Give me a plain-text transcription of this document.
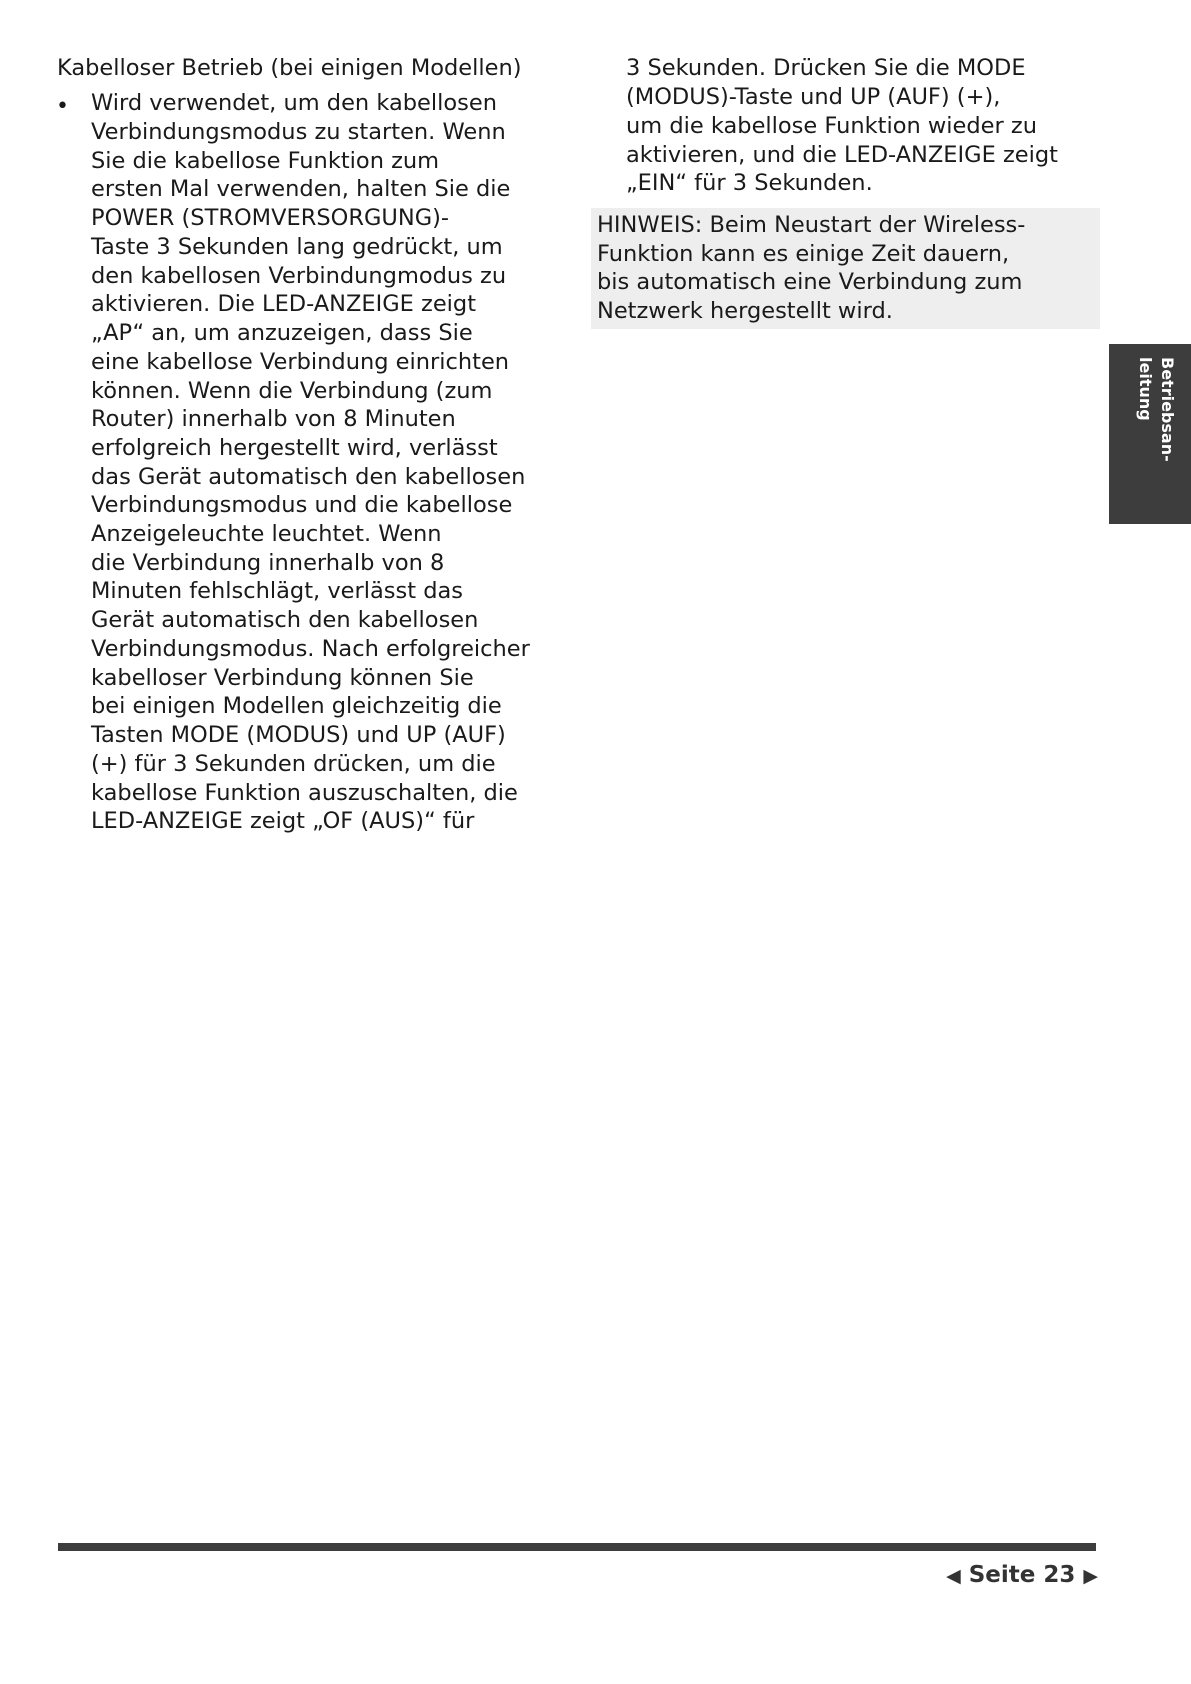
Kabelloser Betrieb (bei einigen Modellen)
• Wird verwendet, um den kabellosen
Verbindungsmodus zu starten. Wenn
Sie die kabellose Funktion zum
ersten Mal verwenden, halten Sie die
POWER (STROMVERSORGUNG)-
Taste 3 Sekunden lang gedrückt, um
den kabellosen Verbindungmodus zu
aktivieren. Die LED-ANZEIGE zeigt
„AP“ an, um anzuzeigen, dass Sie
eine kabellose Verbindung einrichten
können. Wenn die Verbindung (zum
Router) innerhalb von 8 Minuten
erfolgreich hergestellt wird, verlässt
das Gerät automatisch den kabellosen
Verbindungsmodus und die kabellose
Anzeigeleuchte leuchtet. Wenn
die Verbindung innerhalb von 8
Minuten fehlschlägt, verlässt das
Gerät automatisch den kabellosen
Verbindungsmodus. Nach erfolgreicher
kabelloser Verbindung können Sie
bei einigen Modellen gleichzeitig die
Tasten MODE (MODUS) und UP (AUF)
(+) für 3 Sekunden drücken, um die
kabellose Funktion auszuschalten, die
LED-ANZEIGE zeigt „OF (AUS)“ für
3 Sekunden. Drücken Sie die MODE
(MODUS)-Taste und UP (AUF) (+),
um die kabellose Funktion wieder zu
aktivieren, und die LED-ANZEIGE zeigt
„EIN“ für 3 Sekunden.
HINWEIS: Beim Neustart der Wireless-
Funktion kann es einige Zeit dauern,
bis automatisch eine Verbindung zum
Netzwerk hergestellt wird.
Betriebsan-
leitung
◀ Seite 23 ▶
